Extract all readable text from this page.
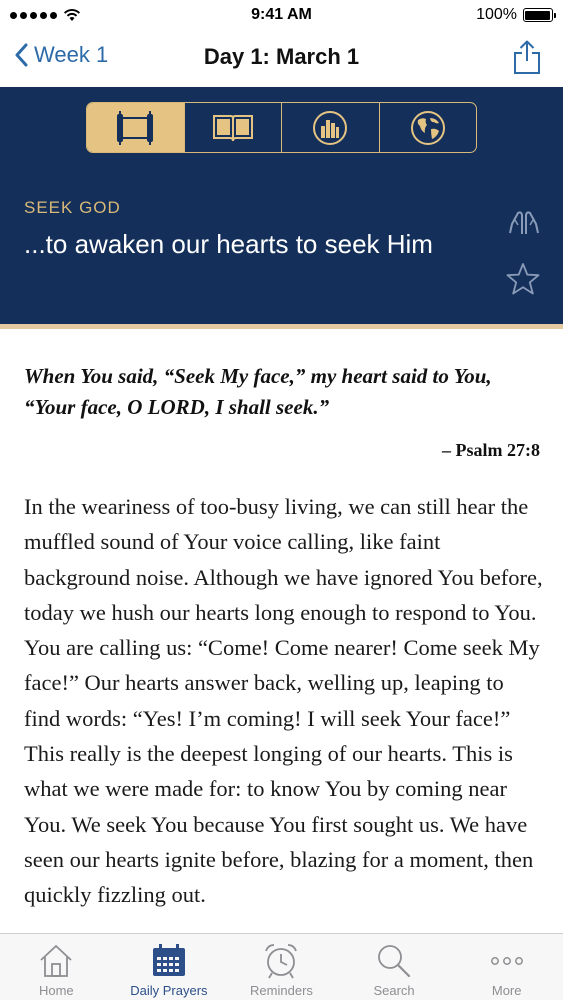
9:41 AM	100%
Week 1	Day 1: March 1
SEEK GOD
...to awaken our hearts to seek Him
When You said, “Seek My face,” my heart said to You, “Your face, O LORD, I shall seek.”
– Psalm 27:8
In the weariness of too-busy living, we can still hear the muffled sound of Your voice calling, like faint background noise. Although we have ignored You before, today we hush our hearts long enough to respond to You. You are calling us: “Come! Come nearer! Come seek My face!” Our hearts answer back, welling up, leaping to find words: “Yes! I’m coming! I will seek Your face!” This really is the deepest longing of our hearts. This is what we were made for: to know You by coming near You. We seek You because You first sought us. We have seen our hearts ignite before, blazing for a moment, then quickly fizzling out.
Home	Daily Prayers	Reminders	Search	More
